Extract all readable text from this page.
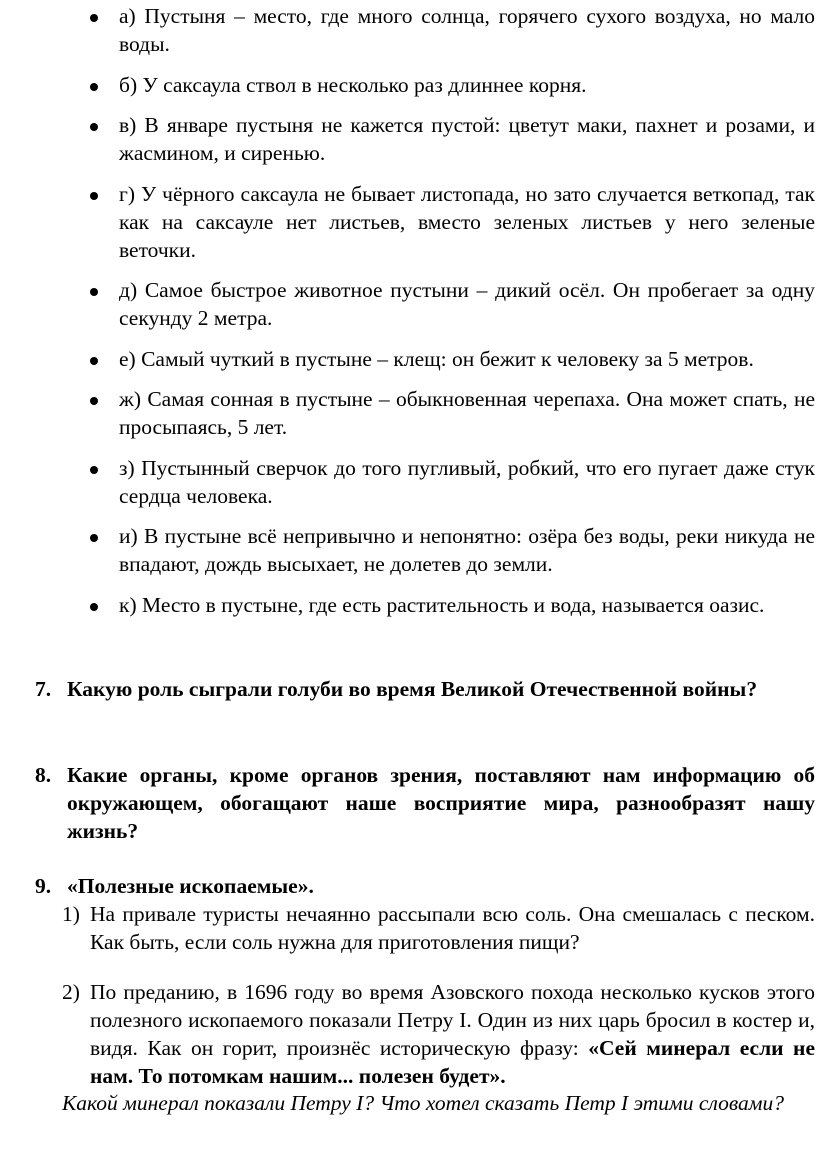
а) Пустыня – место, где много солнца, горячего сухого воздуха, но мало воды.
б) У саксаула ствол в несколько раз длиннее корня.
в) В январе пустыня не кажется пустой: цветут маки, пахнет и розами, и жасмином, и сиренью.
г) У чёрного саксаула не бывает листопада, но зато случается веткопад, так как на саксауле нет листьев, вместо зеленых листьев у него зеленые веточки.
д) Самое быстрое животное пустыни – дикий осёл. Он пробегает за одну секунду 2 метра.
е) Самый чуткий в пустыне – клещ: он бежит к человеку за 5 метров.
ж) Самая сонная в пустыне – обыкновенная черепаха. Она может спать, не просыпаясь, 5 лет.
з) Пустынный сверчок до того пугливый, робкий, что его пугает даже стук сердца человека.
и) В пустыне всё непривычно и непонятно: озёра без воды, реки никуда не впадают, дождь высыхает, не долетев до земли.
к) Место в пустыне, где есть растительность и вода, называется оазис.
7. Какую роль сыграли голуби во время Великой Отечественной войны?
8. Какие органы, кроме органов зрения, поставляют нам информацию об окружающем, обогащают наше восприятие мира, разнообразят нашу жизнь?
9. «Полезные ископаемые».
1) На привале туристы нечаянно рассыпали всю соль. Она смешалась с песком. Как быть, если соль нужна для приготовления пищи?
2) По преданию, в 1696 году во время Азовского похода несколько кусков этого полезного ископаемого показали Петру I. Один из них царь бросил в костер и, видя. Как он горит, произнёс историческую фразу: «Сей минерал если не нам. То потомкам нашим... полезен будет».
Какой минерал показали Петру I? Что хотел сказать Петр I этими словами?
